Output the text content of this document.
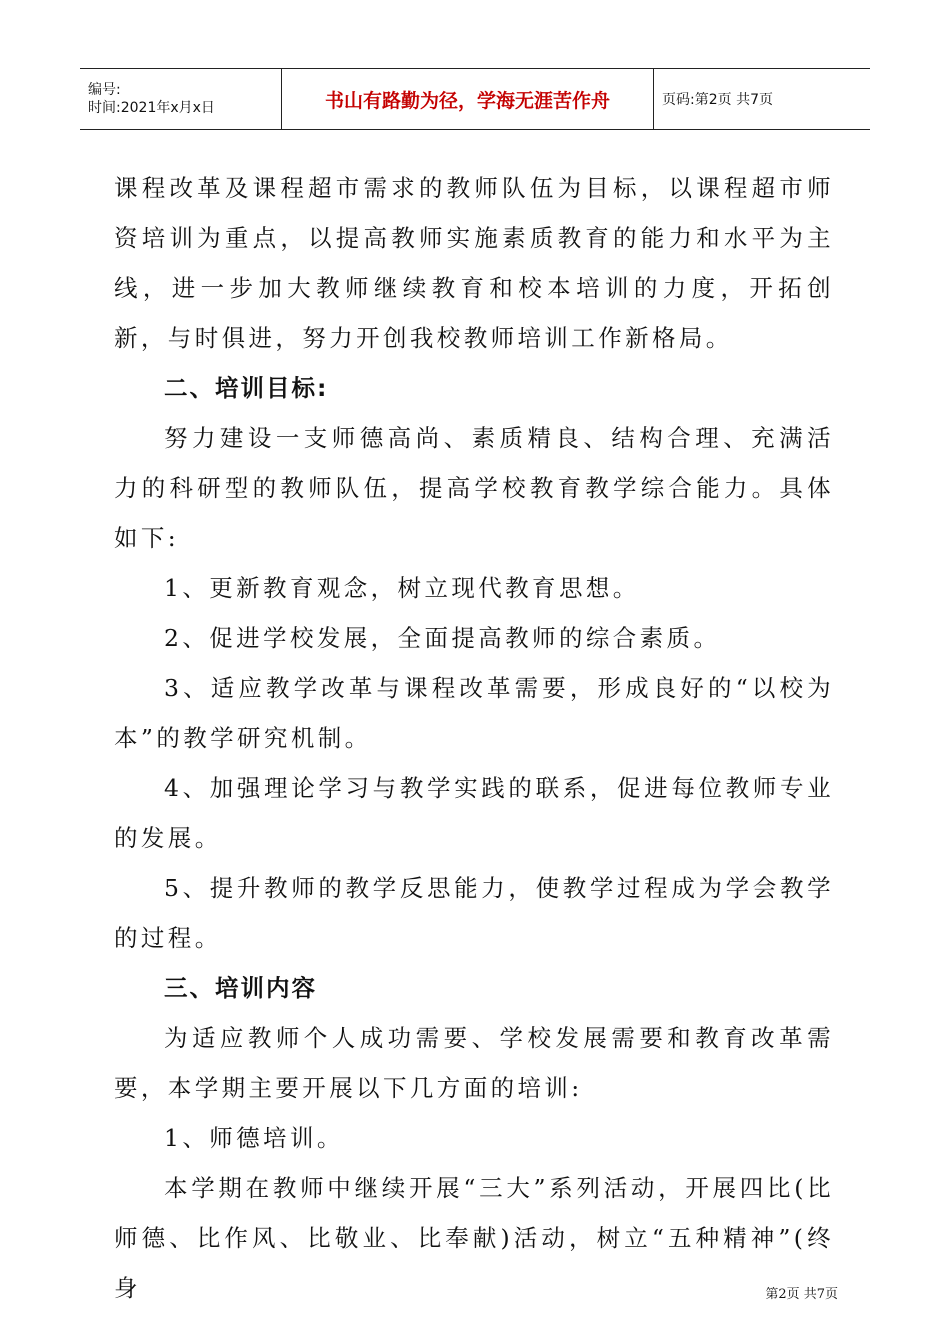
编号:
时间:2021年x月x日	书山有路勤为径，学海无涯苦作舟	页码:第2页 共7页

课程改革及课程超市需求的教师队伍为目标，以课程超市师资培训为重点，以提高教师实施素质教育的能力和水平为主线，进一步加大教师继续教育和校本培训的力度，开拓创新，与时俱进，努力开创我校教师培训工作新格局。

二、培训目标:

努力建设一支师德高尚、素质精良、结构合理、充满活力的科研型的教师队伍，提高学校教育教学综合能力。具体如下:

1、更新教育观念，树立现代教育思想。

2、促进学校发展，全面提高教师的综合素质。

3、适应教学改革与课程改革需要，形成良好的“以校为本”的教学研究机制。

4、加强理论学习与教学实践的联系，促进每位教师专业的发展。

5、提升教师的教学反思能力，使教学过程成为学会教学的过程。

三、培训内容

为适应教师个人成功需要、学校发展需要和教育改革需要，本学期主要开展以下几方面的培训:

1、师德培训。

本学期在教师中继续开展“三大”系列活动，开展四比(比师德、比作风、比敬业、比奉献)活动，树立“五种精神”(终身	第2页 共7页
